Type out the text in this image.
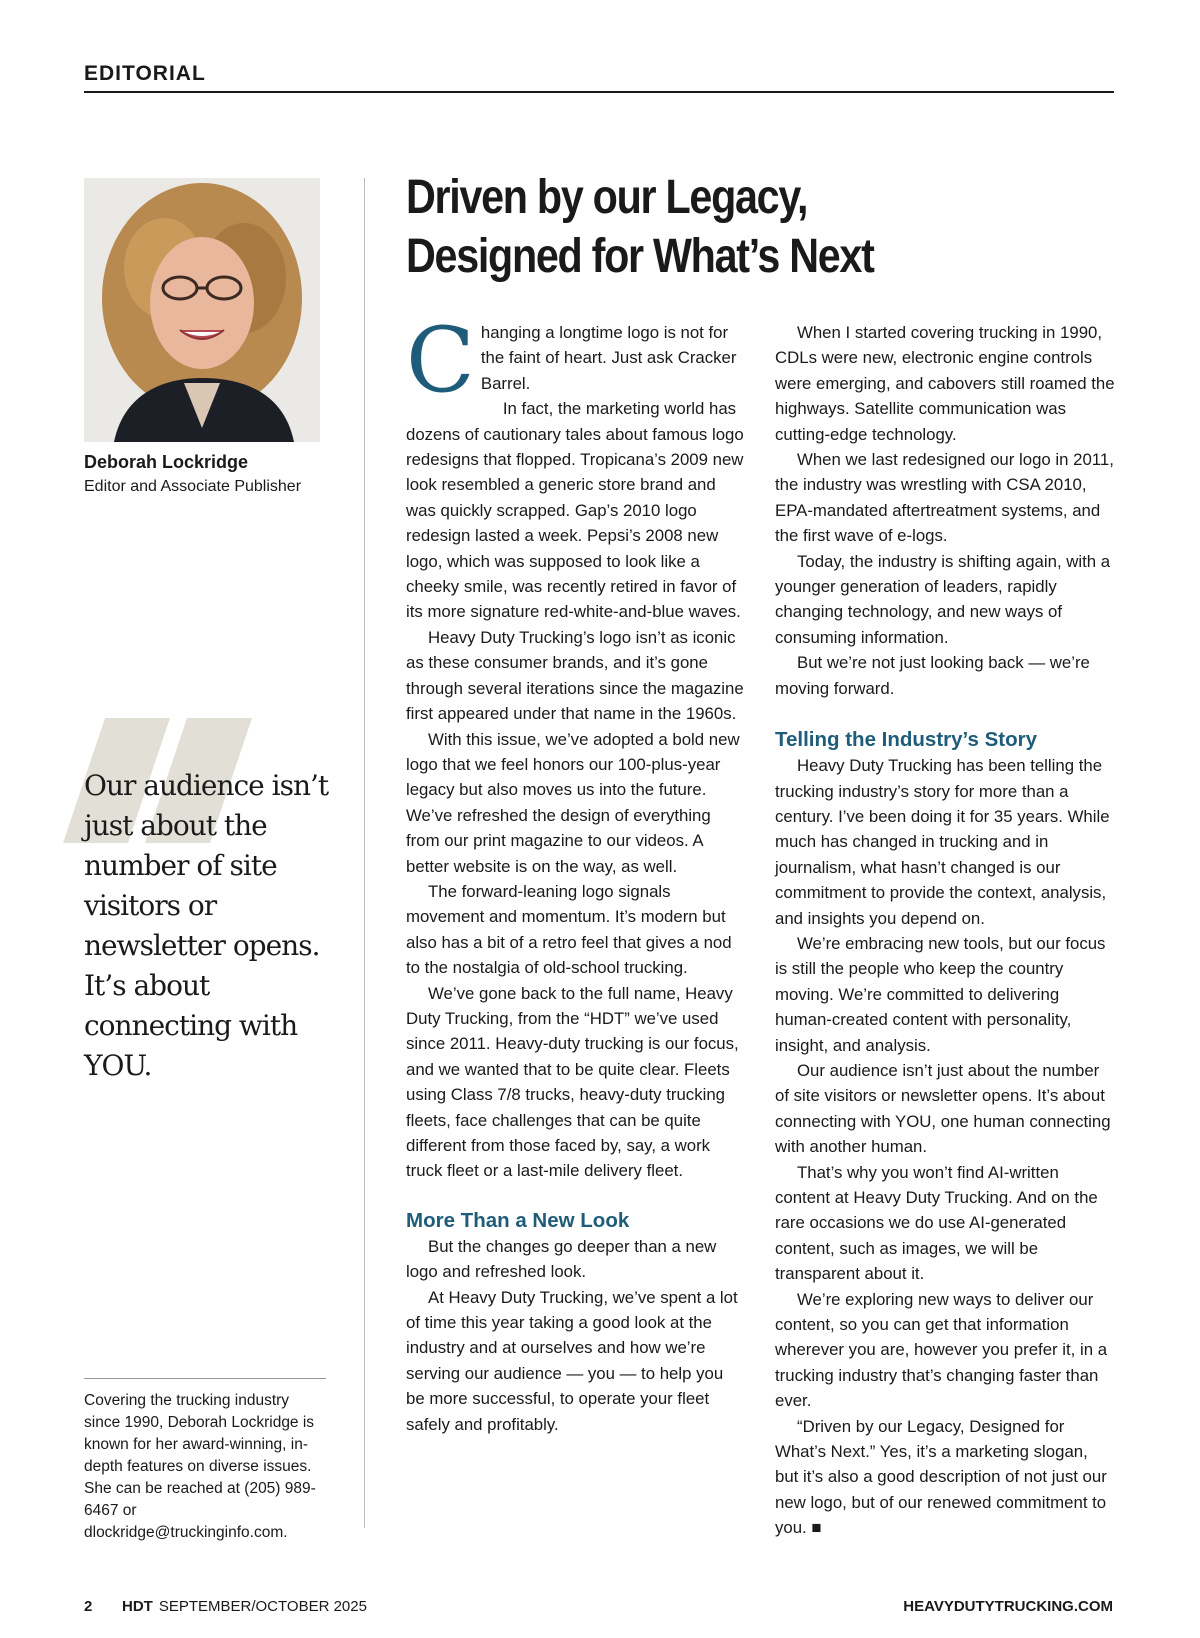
EDITORIAL
Deborah Lockridge
Editor and Associate Publisher
Our audience isn’t just about the number of site visitors or newsletter opens. It’s about connecting with YOU.
Covering the trucking industry since 1990, Deborah Lockridge is known for her award-winning, in-depth features on diverse issues. She can be reached at (205) 989-6467 or dlockridge@truckinginfo.com.
Driven by our Legacy,
Designed for What’s Next

Changing a longtime logo is not for the faint of heart. Just ask Cracker Barrel.

In fact, the marketing world has dozens of cautionary tales about famous logo redesigns that flopped. Tropicana’s 2009 new look resembled a generic store brand and was quickly scrapped. Gap’s 2010 logo redesign lasted a week. Pepsi’s 2008 new logo, which was supposed to look like a cheeky smile, was recently retired in favor of its more signature red-white-and-blue waves.

Heavy Duty Trucking’s logo isn’t as iconic as these consumer brands, and it’s gone through several iterations since the magazine first appeared under that name in the 1960s.

With this issue, we’ve adopted a bold new logo that we feel honors our 100-plus-year legacy but also moves us into the future. We’ve refreshed the design of everything from our print magazine to our videos. A better website is on the way, as well.

The forward-leaning logo signals movement and momentum. It’s modern but also has a bit of a retro feel that gives a nod to the nostalgia of old-school trucking.

We’ve gone back to the full name, Heavy Duty Trucking, from the “HDT” we’ve used since 2011. Heavy-duty trucking is our focus, and we wanted that to be quite clear. Fleets using Class 7/8 trucks, heavy-duty trucking fleets, face challenges that can be quite different from those faced by, say, a work truck fleet or a last-mile delivery fleet.

More Than a New Look

But the changes go deeper than a new logo and refreshed look.

At Heavy Duty Trucking, we’ve spent a lot of time this year taking a good look at the industry and at ourselves and how we’re serving our audience — you — to help you be more successful, to operate your fleet safely and profitably.

When I started covering trucking in 1990, CDLs were new, electronic engine controls were emerging, and cabovers still roamed the highways. Satellite communication was cutting-edge technology.

When we last redesigned our logo in 2011, the industry was wrestling with CSA 2010, EPA-mandated aftertreatment systems, and the first wave of e-logs.

Today, the industry is shifting again, with a younger generation of leaders, rapidly changing technology, and new ways of consuming information.

But we’re not just looking back — we’re moving forward.

Telling the Industry’s Story

Heavy Duty Trucking has been telling the trucking industry’s story for more than a century. I’ve been doing it for 35 years. While much has changed in trucking and in journalism, what hasn’t changed is our commitment to provide the context, analysis, and insights you depend on.

We’re embracing new tools, but our focus is still the people who keep the country moving. We’re committed to delivering human-created content with personality, insight, and analysis.

Our audience isn’t just about the number of site visitors or newsletter opens. It’s about connecting with YOU, one human connecting with another human.

That’s why you won’t find AI-written content at Heavy Duty Trucking. And on the rare occasions we do use AI-generated content, such as images, we will be transparent about it.

We’re exploring new ways to deliver our content, so you can get that information wherever you are, however you prefer it, in a trucking industry that’s changing faster than ever.

“Driven by our Legacy, Designed for What’s Next.” Yes, it’s a marketing slogan, but it’s also a good description of not just our new logo, but of our renewed commitment to you. ■

2 HDT SEPTEMBER/OCTOBER 2025	HEAVYDUTYTRUCKING.COM
